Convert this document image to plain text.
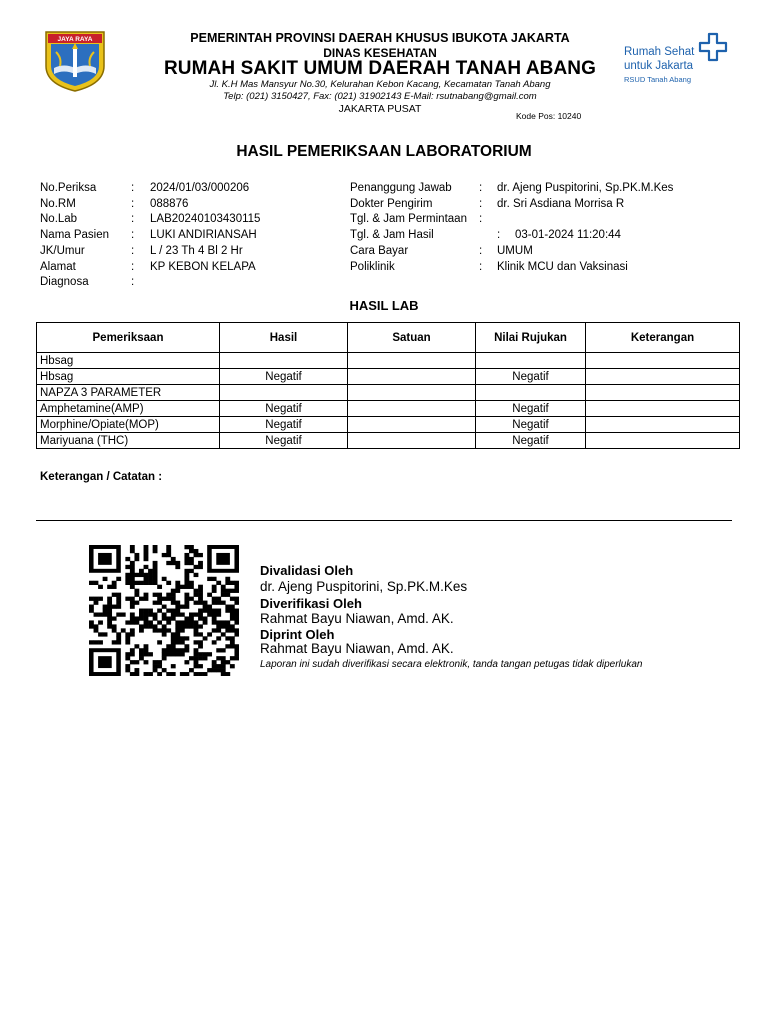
JAYA RAYA	PEMERINTAH PROVINSI DAERAH KHUSUS IBUKOTA JAKARTA
DINAS KESEHATAN
RUMAH SAKIT UMUM DAERAH TANAH ABANG
Jl. K.H Mas Mansyur No.30, Kelurahan Kebon Kacang, Kecamatan Tanah Abang
Telp: (021) 3150427, Fax: (021) 31902143 E-Mail: rsutnabang@gmail.com
JAKARTA PUSAT
Kode Pos: 10240
Rumah Sehat
untuk Jakarta
RSUD Tanah Abang
HASIL PEMERIKSAAN LABORATORIUM
No.Periksa	: 2024/01/03/000206
No.RM	: 088876
No.Lab	: LAB20240103430115
Nama Pasien : LUKI ANDIRIANSAH
JK/Umur	: L / 23 Th 4 Bl 2 Hr
Alamat	: KP KEBON KELAPA
Diagnosa	:
Penanggung Jawab : dr. Ajeng Puspitorini, Sp.PK.M.Kes
Dokter Pengirim	: dr. Sri Asdiana Morrisa R
Tgl. & Jam Permintaan :
Tgl. & Jam Hasil	: 03-01-2024 11:20:44
Cara Bayar	: UMUM
Poliklinik	: Klinik MCU dan Vaksinasi
HASIL LAB
Pemeriksaan	Hasil	Satuan	Nilai Rujukan	Keterangan
Hbsag				
Hbsag	Negatif		Negatif	
NAPZA 3 PARAMETER				
Amphetamine(AMP)	Negatif		Negatif	
Morphine/Opiate(MOP)	Negatif		Negatif	
Mariyuana (THC)	Negatif		Negatif	
Keterangan / Catatan :
Divalidasi Oleh
dr. Ajeng Puspitorini, Sp.PK.M.Kes
Diverifikasi Oleh
Rahmat Bayu Niawan, Amd. AK.
Diprint Oleh
Rahmat Bayu Niawan, Amd. AK.
Laporan ini sudah diverifikasi secara elektronik, tanda tangan petugas tidak diperlukan
